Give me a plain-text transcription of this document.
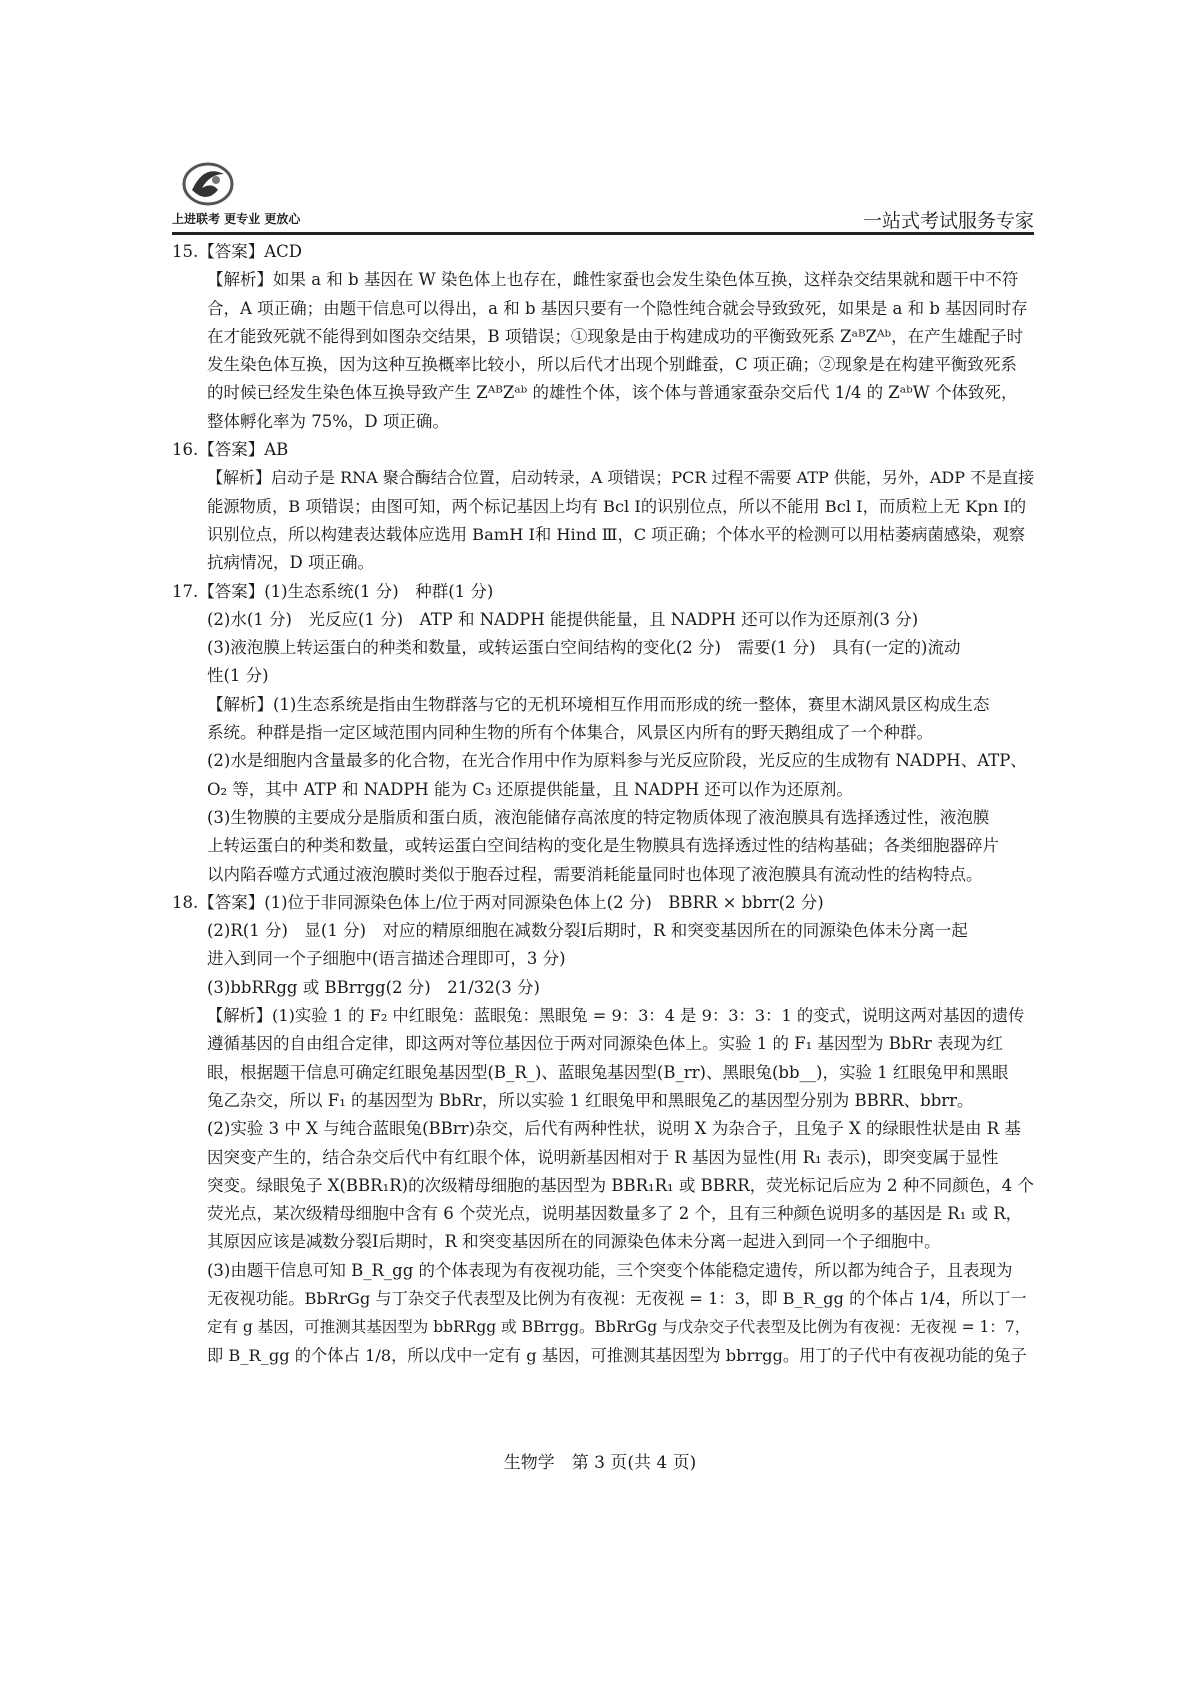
上进联考 更专业 更放心	一站式考试服务专家
15.【答案】ACD
【解析】如果 a 和 b 基因在 W 染色体上也存在，雌性家蚕也会发生染色体互换，这样杂交结果就和题干中不符
合，A 项正确；由题干信息可以得出，a 和 b 基因只要有一个隐性纯合就会导致致死，如果是 a 和 b 基因同时存
在才能致死就不能得到如图杂交结果，B 项错误；①现象是由于构建成功的平衡致死系 ZᵃᴮZᴬᵇ，在产生雄配子时
发生染色体互换，因为这种互换概率比较小，所以后代才出现个别雌蚕，C 项正确；②现象是在构建平衡致死系
的时候已经发生染色体互换导致产生 ZᴬᴮZᵃᵇ 的雄性个体，该个体与普通家蚕杂交后代 1/4 的 ZᵃᵇW 个体致死，
整体孵化率为 75%，D 项正确。
16.【答案】AB
【解析】启动子是 RNA 聚合酶结合位置，启动转录，A 项错误；PCR 过程不需要 ATP 供能，另外，ADP 不是直接
能源物质，B 项错误；由图可知，两个标记基因上均有 Bcl Ⅰ的识别位点，所以不能用 Bcl Ⅰ，而质粒上无 Kpn Ⅰ的
识别位点，所以构建表达载体应选用 BamH Ⅰ和 Hind Ⅲ，C 项正确；个体水平的检测可以用枯萎病菌感染，观察
抗病情况，D 项正确。
17.【答案】(1)生态系统(1 分)　种群(1 分)
(2)水(1 分)　光反应(1 分)　ATP 和 NADPH 能提供能量，且 NADPH 还可以作为还原剂(3 分)
(3)液泡膜上转运蛋白的种类和数量，或转运蛋白空间结构的变化(2 分)　需要(1 分)　具有(一定的)流动
性(1 分)
【解析】(1)生态系统是指由生物群落与它的无机环境相互作用而形成的统一整体，赛里木湖风景区构成生态
系统。种群是指一定区域范围内同种生物的所有个体集合，风景区内所有的野天鹅组成了一个种群。
(2)水是细胞内含量最多的化合物，在光合作用中作为原料参与光反应阶段，光反应的生成物有 NADPH、ATP、
O₂ 等，其中 ATP 和 NADPH 能为 C₃ 还原提供能量，且 NADPH 还可以作为还原剂。
(3)生物膜的主要成分是脂质和蛋白质，液泡能储存高浓度的特定物质体现了液泡膜具有选择透过性，液泡膜
上转运蛋白的种类和数量，或转运蛋白空间结构的变化是生物膜具有选择透过性的结构基础；各类细胞器碎片
以内陷吞噬方式通过液泡膜时类似于胞吞过程，需要消耗能量同时也体现了液泡膜具有流动性的结构特点。
18.【答案】(1)位于非同源染色体上/位于两对同源染色体上(2 分)　BBRR × bbrr(2 分)
(2)R(1 分)　显(1 分)　对应的精原细胞在减数分裂Ⅰ后期时，R 和突变基因所在的同源染色体未分离一起
进入到同一个子细胞中(语言描述合理即可，3 分)
(3)bbRRgg 或 BBrrgg(2 分)　21/32(3 分)
【解析】(1)实验 1 的 F₂ 中红眼兔：蓝眼兔：黑眼兔 = 9：3：4 是 9：3：3：1 的变式，说明这两对基因的遗传
遵循基因的自由组合定律，即这两对等位基因位于两对同源染色体上。实验 1 的 F₁ 基因型为 BbRr 表现为红
眼，根据题干信息可确定红眼兔基因型(B_R_)、蓝眼兔基因型(B_rr)、黑眼兔(bb__)，实验 1 红眼兔甲和黑眼
兔乙杂交，所以 F₁ 的基因型为 BbRr，所以实验 1 红眼兔甲和黑眼兔乙的基因型分别为 BBRR、bbrr。
(2)实验 3 中 X 与纯合蓝眼兔(BBrr)杂交，后代有两种性状，说明 X 为杂合子，且兔子 X 的绿眼性状是由 R 基
因突变产生的，结合杂交后代中有红眼个体，说明新基因相对于 R 基因为显性(用 R₁ 表示)，即突变属于显性
突变。绿眼兔子 X(BBR₁R)的次级精母细胞的基因型为 BBR₁R₁ 或 BBRR，荧光标记后应为 2 种不同颜色，4 个
荧光点，某次级精母细胞中含有 6 个荧光点，说明基因数量多了 2 个，且有三种颜色说明多的基因是 R₁ 或 R，
其原因应该是减数分裂Ⅰ后期时，R 和突变基因所在的同源染色体未分离一起进入到同一个子细胞中。
(3)由题干信息可知 B_R_gg 的个体表现为有夜视功能，三个突变个体能稳定遗传，所以都为纯合子，且表现为
无夜视功能。BbRrGg 与丁杂交子代表型及比例为有夜视：无夜视 = 1：3，即 B_R_gg 的个体占 1/4，所以丁一
定有 g 基因，可推测其基因型为 bbRRgg 或 BBrrgg。BbRrGg 与戊杂交子代表型及比例为有夜视：无夜视 = 1：7，
即 B_R_gg 的个体占 1/8，所以戊中一定有 g 基因，可推测其基因型为 bbrrgg。用丁的子代中有夜视功能的兔子
生物学　第 3 页(共 4 页)
